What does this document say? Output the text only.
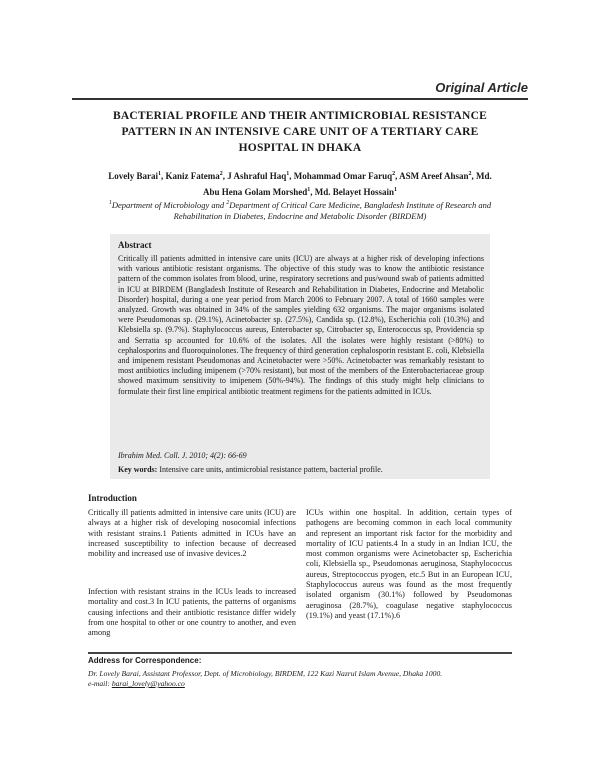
Original Article
BACTERIAL PROFILE AND THEIR ANTIMICROBIAL RESISTANCE PATTERN IN AN INTENSIVE CARE UNIT OF A TERTIARY CARE HOSPITAL IN DHAKA
Lovely Barai$^1$, Kaniz Fatema$^2$, J Ashraful Haq$^1$, Mohammad Omar Faruq$^2$, ASM Areef Ahsan$^2$, Md. Abu Hena Golam Morshed$^1$, Md. Belayet Hossain$^1$
$^1$Department of Microbiology and $^2$Department of Critical Care Medicine, Bangladesh Institute of Research and Rehabilitation in Diabetes, Endocrine and Metabolic Disorder (BIRDEM)
Abstract
Critically ill patients admitted in intensive care units (ICU) are always at a higher risk of developing infections with various antibiotic resistant organisms. The objective of this study was to know the antibiotic resistance pattern of the common isolates from blood, urine, respiratory secretions and pus/wound swab of patients admitted in ICU at BIRDEM (Bangladesh Institute of Research and Rehabilitation in Diabetes, Endocrine and Metabolic Disorder) hospital, during a one year period from March 2006 to February 2007. A total of 1660 samples were analyzed. Growth was obtained in 34% of the samples yielding 632 organisms. The major organisms isolated were Pseudomonas sp. (29.1%), Acinetobacter sp. (27.5%), Candida sp. (12.8%), Escherichia coli (10.3%) and Klebsiella sp. (9.7%). Staphylococcus aureus, Enterobacter sp, Citrobacter sp, Enterococcus sp, Providencia sp and Serratia sp accounted for 10.6% of the isolates. All the isolates were highly resistant (>80%) to cephalosporins and fluoroquinolones. The frequency of third generation cephalosporin resistant E. coli, Klebsiella and imipenem resistant Pseudomonas and Acinetobacter were >50%. Acinetobacter was remarkably resistant to most antibiotics including imipenem (>70% resistant), but most of the members of the Enterobacteriaceae group showed maximum sensitivity to imipenem (50%-94%). The findings of this study might help clinicians to formulate their first line empirical antibiotic treatment regimens for the patients admitted in ICUs.
Ibrahim Med. Coll. J. 2010; 4(2): 66-69
Key words: Intensive care units, antimicrobial resistance pattern, bacterial profile.
Introduction
Critically ill patients admitted in intensive care units (ICU) are always at a higher risk of developing nosocomial infections with resistant strains.1 Patients admitted in ICUs have an increased susceptibility to infection because of decreased mobility and increased use of invasive devices.2
Infection with resistant strains in the ICUs leads to increased mortality and cost.3 In ICU patients, the patterns of organisms causing infections and their antibiotic resistance differ widely from one hospital to other or one country to another, and even among
ICUs within one hospital. In addition, certain types of pathogens are becoming common in each local community and represent an important risk factor for the morbidity and mortality of ICU patients.4 In a study in an Indian ICU, the most common organisms were Acinetobacter sp, Escherichia coli, Klebsiella sp., Pseudomonas aeruginosa, Staphylococcus aureus, Streptococcus pyogen, etc.5 But in an European ICU, Staphylococcus aureus was found as the most frequently isolated organism (30.1%) followed by Pseudomonas aeruginosa (28.7%), coagulase negative staphylococcus (19.1%) and yeast (17.1%).6
Address for Correspondence:
Dr. Lovely Barai, Assistant Professor, Dept. of Microbiology, BIRDEM, 122 Kazi Nazrul Islam Avenue, Dhaka 1000.
e-mail: barai_lovely@yahoo.co
